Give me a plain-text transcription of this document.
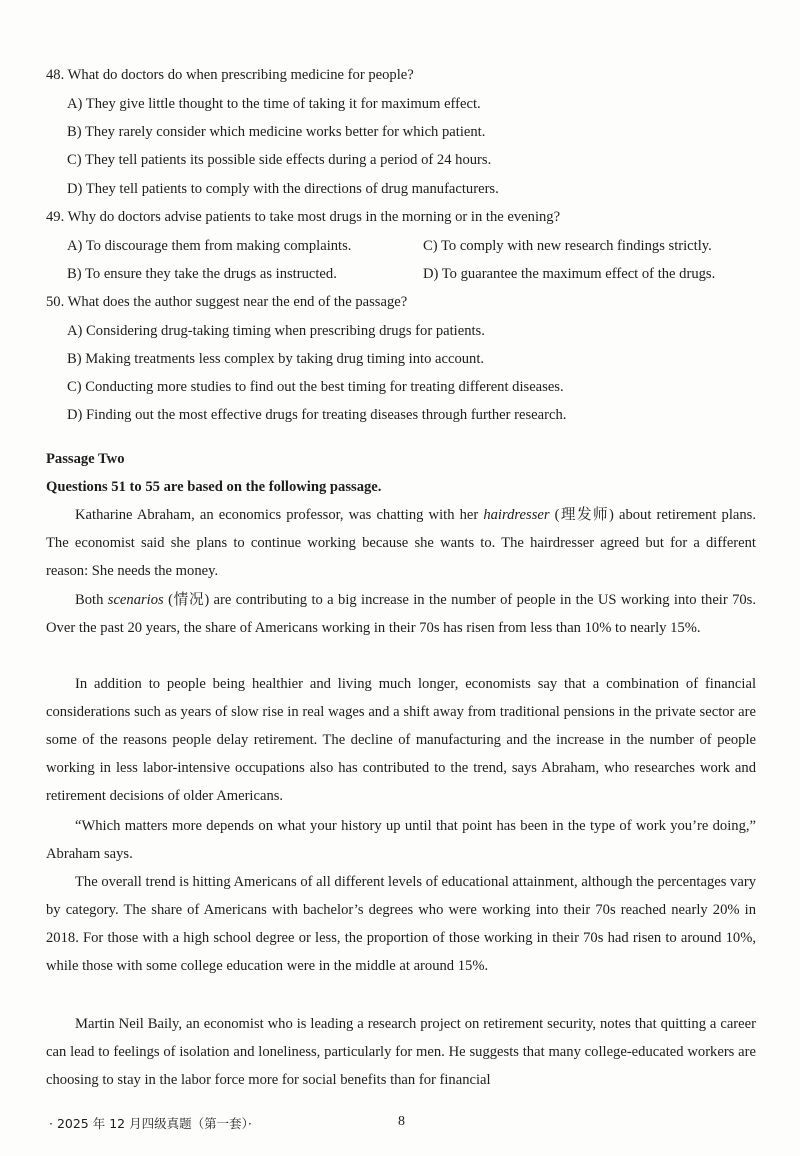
48. What do doctors do when prescribing medicine for people?
A) They give little thought to the time of taking it for maximum effect.
B) They rarely consider which medicine works better for which patient.
C) They tell patients its possible side effects during a period of 24 hours.
D) They tell patients to comply with the directions of drug manufacturers.
49. Why do doctors advise patients to take most drugs in the morning or in the evening?
A) To discourage them from making complaints.	C) To comply with new research findings strictly.
B) To ensure they take the drugs as instructed.	D) To guarantee the maximum effect of the drugs.
50. What does the author suggest near the end of the passage?
A) Considering drug-taking timing when prescribing drugs for patients.
B) Making treatments less complex by taking drug timing into account.
C) Conducting more studies to find out the best timing for treating different diseases.
D) Finding out the most effective drugs for treating diseases through further research.
Passage Two
Questions 51 to 55 are based on the following passage.
Katharine Abraham, an economics professor, was chatting with her hairdresser (理发师) about retirement plans. The economist said she plans to continue working because she wants to. The hairdresser agreed but for a different reason: She needs the money.
Both scenarios (情况) are contributing to a big increase in the number of people in the US working into their 70s. Over the past 20 years, the share of Americans working in their 70s has risen from less than 10% to nearly 15%.
In addition to people being healthier and living much longer, economists say that a combination of financial considerations such as years of slow rise in real wages and a shift away from traditional pensions in the private sector are some of the reasons people delay retirement. The decline of manufacturing and the increase in the number of people working in less labor-intensive occupations also has contributed to the trend, says Abraham, who researches work and retirement decisions of older Americans.
“Which matters more depends on what your history up until that point has been in the type of work you’re doing,” Abraham says.
The overall trend is hitting Americans of all different levels of educational attainment, although the percentages vary by category. The share of Americans with bachelor’s degrees who were working into their 70s reached nearly 20% in 2018. For those with a high school degree or less, the proportion of those working in their 70s had risen to around 10%, while those with some college education were in the middle at around 15%.
Martin Neil Baily, an economist who is leading a research project on retirement security, notes that quitting a career can lead to feelings of isolation and loneliness, particularly for men. He suggests that many college-educated workers are choosing to stay in the labor force more for social benefits than for financial
· 2025 年 12 月四级真题（第一套）·	8
